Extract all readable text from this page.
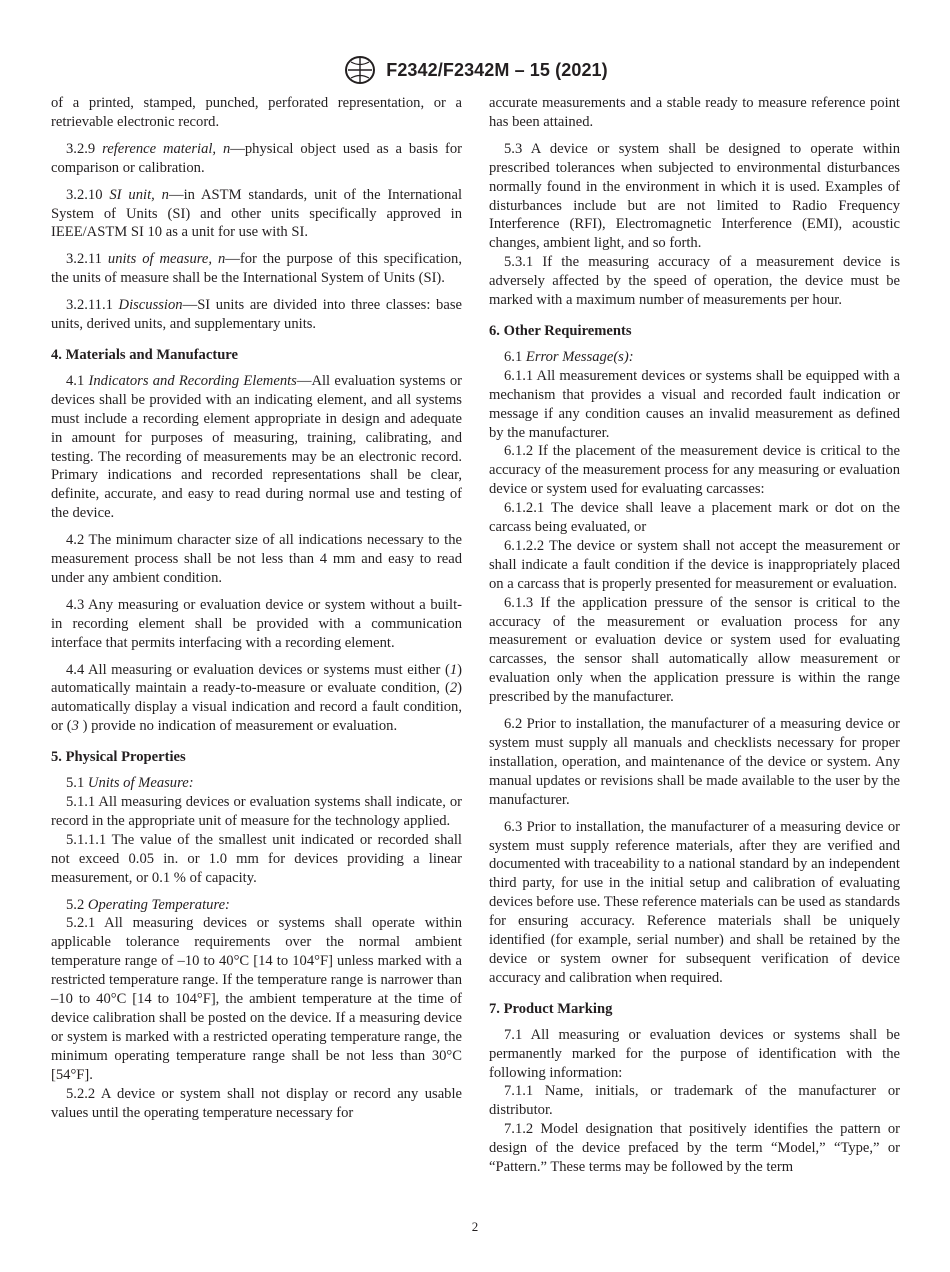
F2342/F2342M – 15 (2021)

of a printed, stamped, punched, perforated representation, or a retrievable electronic record.

3.2.9 reference material, n—physical object used as a basis for comparison or calibration.

3.2.10 SI unit, n—in ASTM standards, unit of the International System of Units (SI) and other units specifically approved in IEEE/ASTM SI 10 as a unit for use with SI.

3.2.11 units of measure, n—for the purpose of this specification, the units of measure shall be the International System of Units (SI).

3.2.11.1 Discussion—SI units are divided into three classes: base units, derived units, and supplementary units.

4. Materials and Manufacture

4.1 Indicators and Recording Elements—All evaluation systems or devices shall be provided with an indicating element, and all systems must include a recording element appropriate in design and adequate in amount for purposes of measuring, training, calibrating, and testing. The recording of measurements may be an electronic record. Primary indications and recorded representations shall be clear, definite, accurate, and easy to read during normal use and testing of the device.

4.2 The minimum character size of all indications necessary to the measurement process shall be not less than 4 mm and easy to read under any ambient condition.

4.3 Any measuring or evaluation device or system without a built-in recording element shall be provided with a communication interface that permits interfacing with a recording element.

4.4 All measuring or evaluation devices or systems must either (1) automatically maintain a ready-to-measure or evaluate condition, (2) automatically display a visual indication and record a fault condition, or (3 ) provide no indication of measurement or evaluation.

5. Physical Properties

5.1 Units of Measure:

5.1.1 All measuring devices or evaluation systems shall indicate, or record in the appropriate unit of measure for the technology applied.

5.1.1.1 The value of the smallest unit indicated or recorded shall not exceed 0.05 in. or 1.0 mm for devices providing a linear measurement, or 0.1 % of capacity.

5.2 Operating Temperature:

5.2.1 All measuring devices or systems shall operate within applicable tolerance requirements over the normal ambient temperature range of –10 to 40°C [14 to 104°F] unless marked with a restricted temperature range. If the temperature range is narrower than –10 to 40°C [14 to 104°F], the ambient temperature at the time of device calibration shall be posted on the device. If a measuring device or system is marked with a restricted operating temperature range, the minimum operating temperature range shall be not less than 30°C [54°F].

5.2.2 A device or system shall not display or record any usable values until the operating temperature necessary for

accurate measurements and a stable ready to measure reference point has been attained.

5.3 A device or system shall be designed to operate within prescribed tolerances when subjected to environmental disturbances normally found in the environment in which it is used. Examples of disturbances include but are not limited to Radio Frequency Interference (RFI), Electromagnetic Interference (EMI), acoustic changes, ambient light, and so forth.

5.3.1 If the measuring accuracy of a measurement device is adversely affected by the speed of operation, the device must be marked with a maximum number of measurements per hour.

6. Other Requirements

6.1 Error Message(s):

6.1.1 All measurement devices or systems shall be equipped with a mechanism that provides a visual and recorded fault indication or message if any condition causes an invalid measurement as defined by the manufacturer.

6.1.2 If the placement of the measurement device is critical to the accuracy of the measurement process for any measuring or evaluation device or system used for evaluating carcasses:

6.1.2.1 The device shall leave a placement mark or dot on the carcass being evaluated, or

6.1.2.2 The device or system shall not accept the measurement or shall indicate a fault condition if the device is inappropriately placed on a carcass that is properly presented for measurement or evaluation.

6.1.3 If the application pressure of the sensor is critical to the accuracy of the measurement or evaluation process for any measurement or evaluation device or system used for evaluating carcasses, the sensor shall automatically allow measurement or evaluation only when the application pressure is within the range prescribed by the manufacturer.

6.2 Prior to installation, the manufacturer of a measuring device or system must supply all manuals and checklists necessary for proper installation, operation, and maintenance of the device or system. Any manual updates or revisions shall be made available to the user by the manufacturer.

6.3 Prior to installation, the manufacturer of a measuring device or system must supply reference materials, after they are verified and documented with traceability to a national standard by an independent third party, for use in the initial setup and calibration of evaluating devices before use. These reference materials can be used as standards for ensuring accuracy. Reference materials shall be uniquely identified (for example, serial number) and shall be retained by the device or system owner for subsequent verification of device accuracy and calibration when required.

7. Product Marking

7.1 All measuring or evaluation devices or systems shall be permanently marked for the purpose of identification with the following information:

7.1.1 Name, initials, or trademark of the manufacturer or distributor.

7.1.2 Model designation that positively identifies the pattern or design of the device prefaced by the term “Model,” “Type,” or “Pattern.” These terms may be followed by the term

2
